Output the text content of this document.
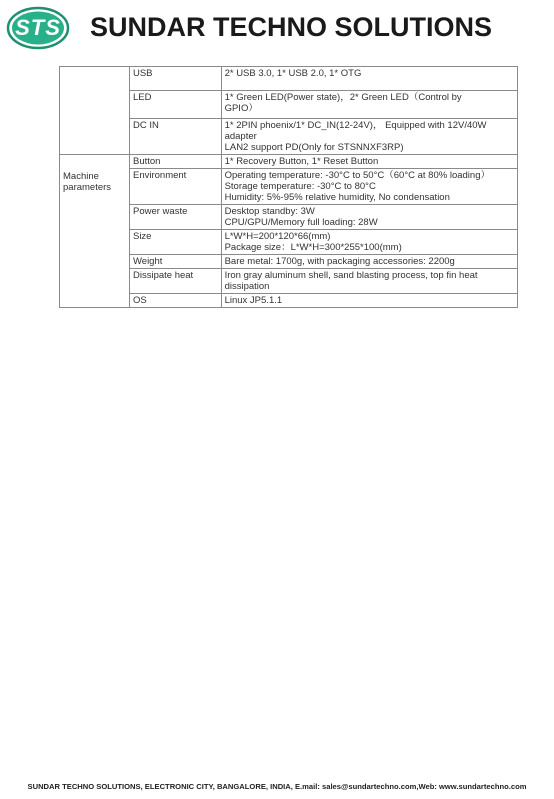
STS	SUNDAR TECHNO SOLUTIONS
	USB	2* USB 3.0, 1* USB 2.0, 1* OTG

	LED	1* Green LED(Power state)，2* Green LED（Control by
GPIO）

	DC IN	1* 2PIN phoenix/1* DC_IN(12-24V)， Equipped with 12V/40W
adapter
LAN2 support PD(Only for STSNNXF3RP)

Machine parameters	Button	1* Recovery Button, 1* Reset Button

	Environment	Operating temperature: -30°C to 50°C（60°C at 80% loading）
Storage temperature: -30°C to 80°C
Humidity: 5%-95% relative humidity, No condensation

	Power waste	Desktop standby: 3W
CPU/GPU/Memory full loading: 28W

	Size	L*W*H=200*120*66(mm)
Package size：L*W*H=300*255*100(mm)

	Weight	Bare metal: 1700g, with packaging accessories: 2200g

	Dissipate heat	Iron gray aluminum shell, sand blasting process, top fin heat
dissipation

	OS	Linux JP5.1.1
SUNDAR TECHNO SOLUTIONS, ELECTRONIC CITY, BANGALORE, INDIA, E.mail: sales@sundartechno.com,Web: www.sundartechno.com
